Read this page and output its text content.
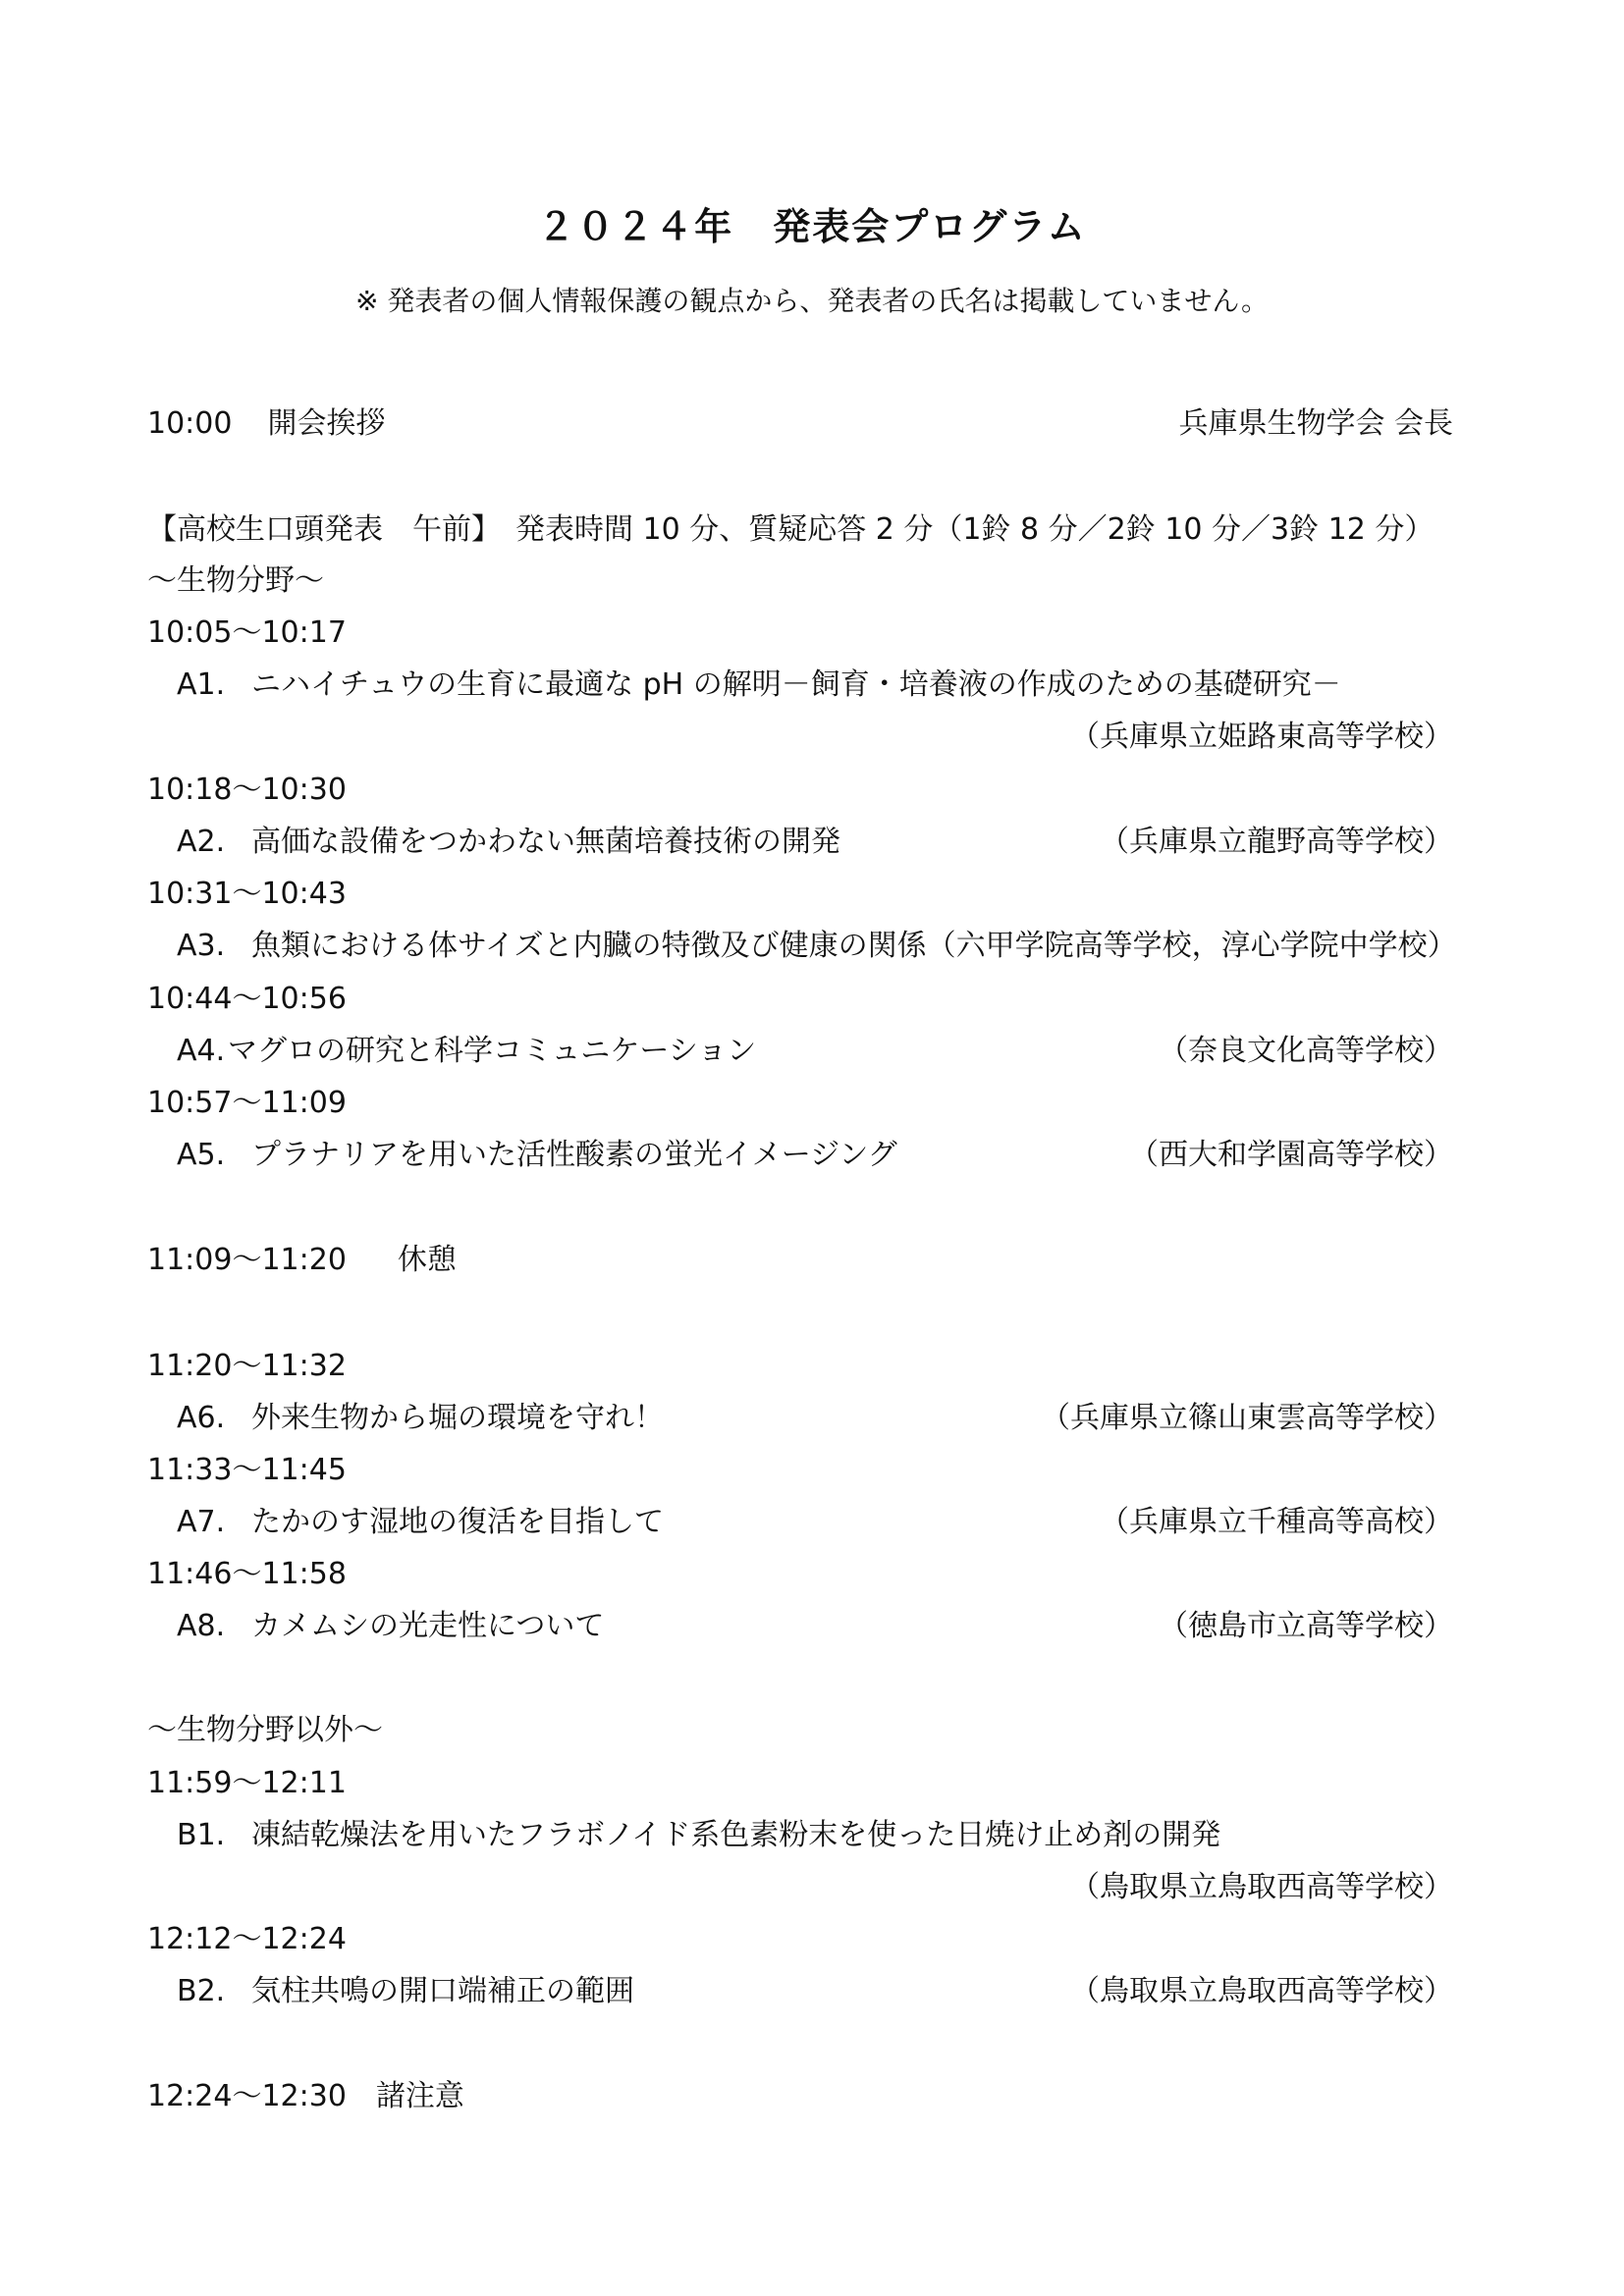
２０２４年　発表会プログラム
※ 発表者の個人情報保護の観点から、発表者の氏名は掲載していません。
10:00 開会挨拶	兵庫県生物学会 会長
【高校生口頭発表　午前】　発表時間 10 分、質疑応答 2 分（1鈴 8 分／2鈴 10 分／3鈴 12 分）
～生物分野～
10:05～10:17
A1. ニハイチュウの生育に最適な pH の解明－飼育・培養液の作成のための基礎研究－
（兵庫県立姫路東高等学校）
10:18～10:30
A2. 高価な設備をつかわない無菌培養技術の開発	（兵庫県立龍野高等学校）
10:31～10:43
A3. 魚類における体サイズと内臓の特徴及び健康の関係 （六甲学院高等学校，淳心学院中学校）
10:44～10:56
A4.マグロの研究と科学コミュニケーション	（奈良文化高等学校）
10:57～11:09
A5. プラナリアを用いた活性酸素の蛍光イメージング	（西大和学園高等学校）
11:09～11:20 休憩
11:20～11:32
A6. 外来生物から堀の環境を守れ！	（兵庫県立篠山東雲高等学校）
11:33～11:45
A7. たかのす湿地の復活を目指して	（兵庫県立千種高等高校）
11:46～11:58
A8. カメムシの光走性について	（徳島市立高等学校）
～生物分野以外～
11:59～12:11
B1. 凍結乾燥法を用いたフラボノイド系色素粉末を使った日焼け止め剤の開発
（鳥取県立鳥取西高等学校）
12:12～12:24
B2. 気柱共鳴の開口端補正の範囲	（鳥取県立鳥取西高等学校）
12:24～12:30 諸注意
